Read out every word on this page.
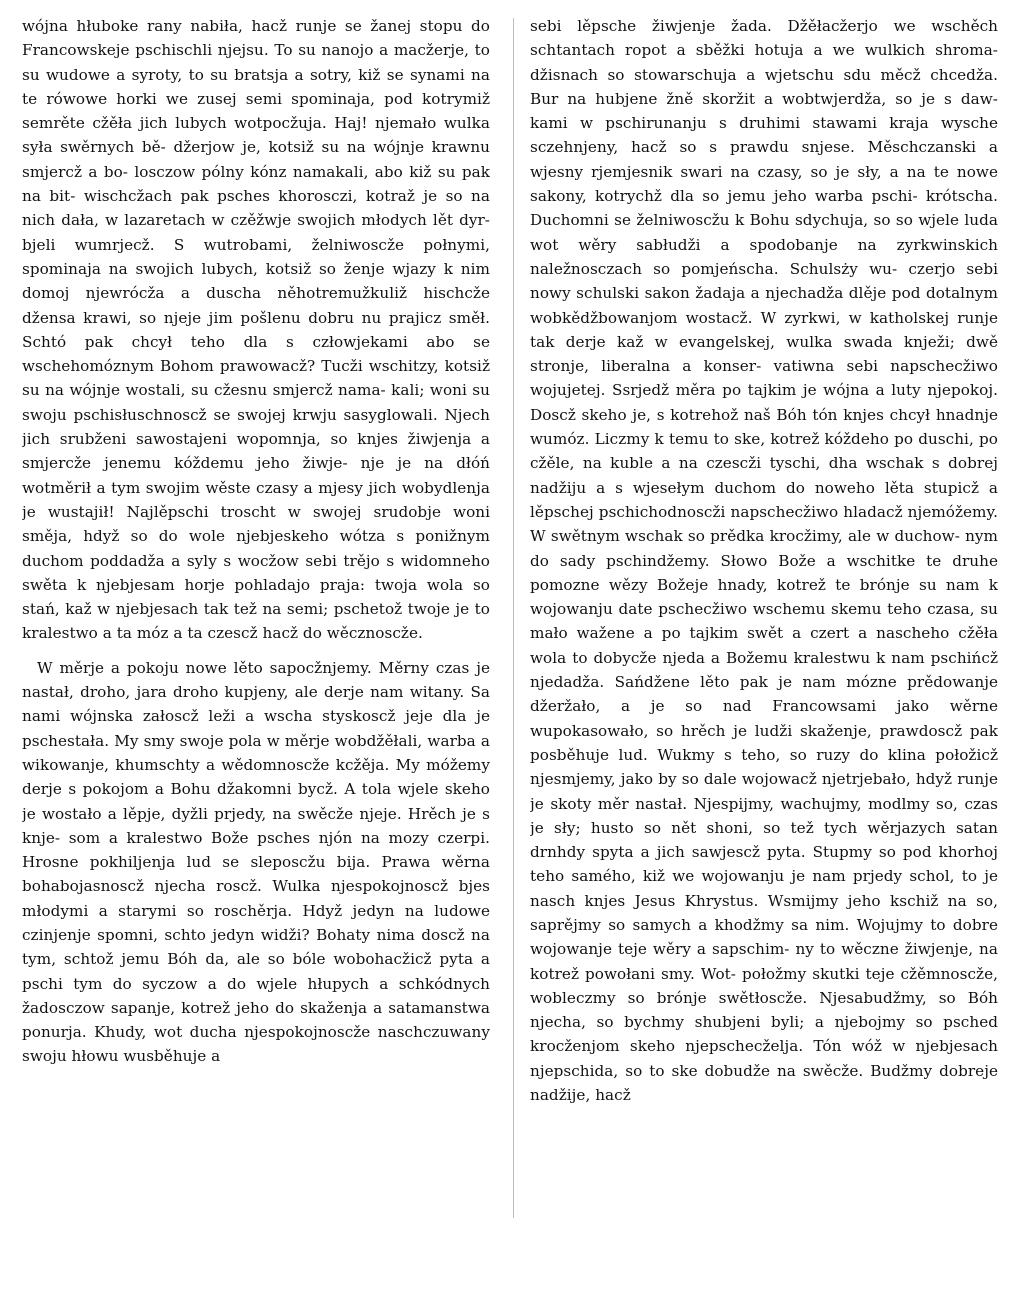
wójna hłuboke rany nabiła, hacž runje se žanej stopu do Francowskeje pschischli njejsu. To su nanojo a macžerje, to su wudowe a syroty, to su bratsja a sotry, kiž se synami na te rówowe horki we zusej semi spominaja, pod kotrymiž semrěte cžěła jich lubych wotpocžuja. Haj! njemało wulka syła swěrnych bě- džerjow je, kotsiž su na wójnje krawnu smjercž a bo- losczow pólny kónz namakali, abo kiž su pak na bit- wischcžach pak psches khorosczi, kotraž je so na nich dała, w lazaretach w czěžwje swojich młodych lět dyr- bjeli wumrjecž. S wutrobami, želniwoscže połnymi, spominaja na swojich lubych, kotsiž so ženje wjazy k nim domoj njewrócža a duscha něhotremužkuliž hischcže džensa krawi, so njeje jim pošlenu dobru nu prajicz směł. Schtó pak chcył teho dla s człowjekami abo se wschehomóznym Bohom prawowacž? Tucži wschitzy, kotsiž su na wójnje wostali, su cžesnu smjercž nama- kali; woni su swoju pschisłuschnoscž se swojej krwju sasyglowali. Njech jich srubženi sawostajeni wopomnja, so knjes žiwjenja a smjercže jenemu kóždemu jeho žiwje- nje je na dłóń wotměrił a tym swojim wěste czasy a mjesy jich wobydlenja je wustajił! Najlěpschi troscht w swojej srudobje woni směja, hdyž so do wole njebjeskeho wótza s ponižnym duchom poddadža a syly s wocžow sebi trějo s widomneho swěta k njebjesam horje pohladajo praja: twoja wola so stań, kaž w njebjesach tak tež na semi; pschetož twoje je to kralestwo a ta móz a ta czescž hacž do wěcznoscže.

W měrje a pokoju nowe lěto sapocžnjemy. Měrny czas je nastał, droho, jara droho kupjeny, ale derje nam witany. Sa nami wójnska załoscž leži a wscha styskoscž jeje dla je pschestała. My smy swoje pola w měrje wobdžěłali, warba a wikowanje, khumschty a wědomnoscže kcžěja. My móžemy derje s pokojom a Bohu džakomni bycž. A tola wjele skeho je wostało a lěpje, dyžli prjedy, na swěcže njeje. Hrěch je s knje- som a kralestwo Bože psches njón na mozy czerpi. Hrosne pokhiljenja lud se sleposcžu bija. Prawa wěrna bohabojasnoscž njecha roscž. Wulka njespokojnoscž bjes młodymi a starymi so roschěrja. Hdyž jedyn na ludowe czinjenje spomni, schto jedyn widži? Bohaty nima doscž na tym, schtož jemu Bóh da, ale so bóle wobohacžicž pyta a pschi tym do syczow a do wjele hłupych a schkódnych žadosczow sapanje, kotrež jeho do skaženja a satamanstwa ponurja. Khudy, wot ducha njespokojnoscže naschczuwany swoju hłowu wusběhuje a

sebi lěpsche žiwjenje žada. Džěłacžerjo we wschěch schtantach ropot a sběžki hotuja a we wulkich shroma- džisnach so stowarschuja a wjetschu sdu měcž chcedža. Bur na hubjene žně skoržit a wobtwjerdža, so je s daw- kami w pschirunanju s druhimi stawami kraja wysche sczehnjeny, hacž so s prawdu snjese. Měschczanski a wjesny rjemjesnik swari na czasy, so je sły, a na te nowe sakony, kotrychž dla so jemu jeho warba pschi- krótscha. Duchomni se želniwoscžu k Bohu sdychuja, so so wjele luda wot wěry sabłudži a spodobanje na zyrkwinskich naležnosczach so pomjeńscha. Schulsży wu- czerjo sebi nowy schulski sakon žadaja a njechadža dlěje pod dotalnym wobkědžbowanjom wostacž. W zyrkwi, w katholskej runje tak derje kaž w evangelskej, wulka swada knježi; dwě stronje, liberalna a konser- vatiwna sebi napschecžiwo wojujetej. Ssrjedž měra po tajkim je wójna a luty njepokoj. Doscž skeho je, s kotrehož naš Bóh tón knjes chcył hnadnje wumóz. Liczmy k temu to ske, kotrež kóždeho po duschi, po cžěle, na kuble a na czescži tyschi, dha wschak s dobrej nadžiju a s wjesełym duchom do noweho lěta stupicž a lěpschej pschichodnoscži napschecžiwo hladacž njemóžemy. W swětnym wschak so prědka krocžimy, ale w duchow- nym do sady pschindžemy. Słowo Bože a wschitke te druhe pomozne wězy Božeje hnady, kotrež te brónje su nam k wojowanju date pschecžiwo wschemu skemu teho czasa, su mało wažene a po tajkim swět a czert a nascheho cžěła wola to dobycže njeda a Božemu kralestwu k nam pschińcž njedadža. Sańdžene lěto pak je nam mózne prědowanje džeržało, a je so nad Francowsami jako wěrne wupokasowało, so hrěch je ludži skaženje, prawdoscž pak posběhuje lud. Wukmy s teho, so ruzy do klina połožicž njesmjemy, jako by so dale wojowacž njetrjebało, hdyž runje je skoty měr nastał. Njespijmy, wachujmy, modlmy so, czas je sły; husto so nět shoni, so tež tych wěrjazych satan drnhdy spyta a jich sawjescž pyta. Stupmy so pod khorhoj teho samého, kiž we wojowanju je nam prjedy schol, to je nasch knjes Jesus Khrystus. Wsmijmy jeho kschiž na so, saprějmy so samych a khodžmy sa nim. Wojujmy to dobre wojowanje teje wěry a sapschim- ny to wěczne žiwjenje, na kotrež powołani smy. Wot- połožmy skutki teje cžěmnoscže, wobleczmy so brónje swětłoscže. Njesabudžmy, so Bóh njecha, so bychmy shubjeni byli; a njebojmy so psched krocženjom skeho njepschecželja. Tón wóž w njebjesach njepschida, so to ske dobudže na swěcže. Budžmy dobreje nadžije, hacž
